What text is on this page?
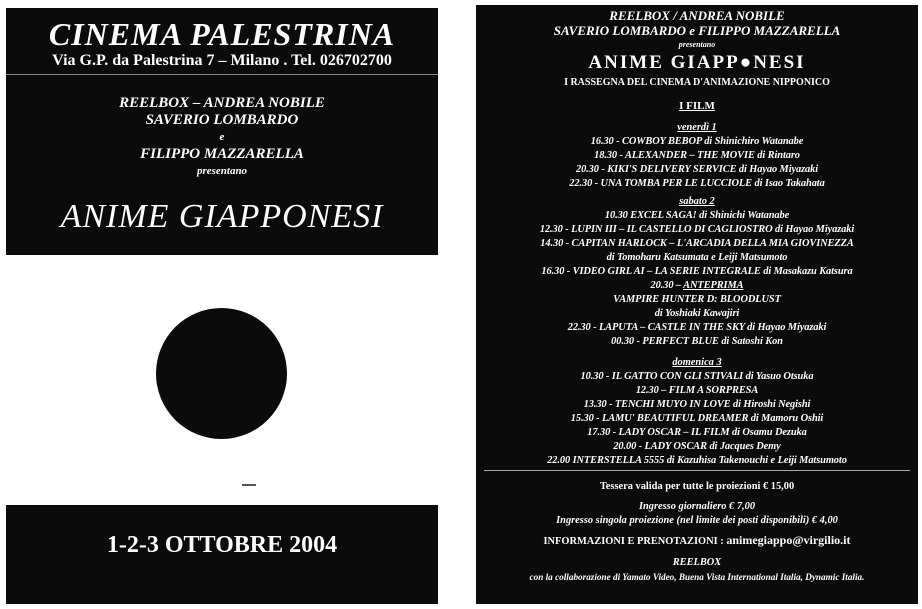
CINEMA PALESTRINA
Via G.P. da Palestrina 7 – Milano . Tel. 026702700
REELBOX – ANDREA NOBILE
SAVERIO LOMBARDO
e
FILIPPO MAZZARELLA
presentano
ANIME GIAPPONESI
1-2-3 OTTOBRE 2004
REELBOX / ANDREA NOBILE
SAVERIO LOMBARDO e FILIPPO MAZZARELLA
presentano
ANIME GIAPP●NESI
I RASSEGNA DEL CINEMA D'ANIMAZIONE NIPPONICO
I FILM
venerdì 1
16.30 - COWBOY BEBOP di Shinichiro Watanabe
18.30 - ALEXANDER – THE MOVIE di Rintaro
20.30 - KIKI'S DELIVERY SERVICE di Hayao Miyazaki
22.30 - UNA TOMBA PER LE LUCCIOLE di Isao Takahata
sabato 2
10.30 EXCEL SAGA! di Shinichi Watanabe
12.30 - LUPIN III – IL CASTELLO DI CAGLIOSTRO di Hayao Miyazaki
14.30 - CAPITAN HARLOCK – L'ARCADIA DELLA MIA GIOVINEZZA
di Tomoharu Katsumata e Leiji Matsumoto
16.30 - VIDEO GIRL AI – LA SERIE INTEGRALE di Masakazu Katsura
20.30 – ANTEPRIMA
VAMPIRE HUNTER D: BLOODLUST
di Yoshiaki Kawajiri
22.30 - LAPUTA – CASTLE IN THE SKY di Hayao Miyazaki
00.30 - PERFECT BLUE di Satoshi Kon
domenica 3
10.30 - IL GATTO CON GLI STIVALI di Yasuo Otsuka
12.30 – FILM A SORPRESA
13.30 - TENCHI MUYO IN LOVE di Hiroshi Negishi
15.30 - LAMU' BEAUTIFUL DREAMER di Mamoru Oshii
17.30 - LADY OSCAR – IL FILM di Osamu Dezuka
20.00 - LADY OSCAR di Jacques Demy
22.00 INTERSTELLA 5555 di Kazuhisa Takenouchi e Leiji Matsumoto
Tessera valida per tutte le proiezioni € 15,00
Ingresso giornaliero € 7,00
Ingresso singola proiezione (nel limite dei posti disponibili) € 4,00
INFORMAZIONI E PRENOTAZIONI : animegiappo@virgilio.it
REELBOX
con la collaborazione di Yamato Video, Buena Vista International Italia, Dynamic Italia.
